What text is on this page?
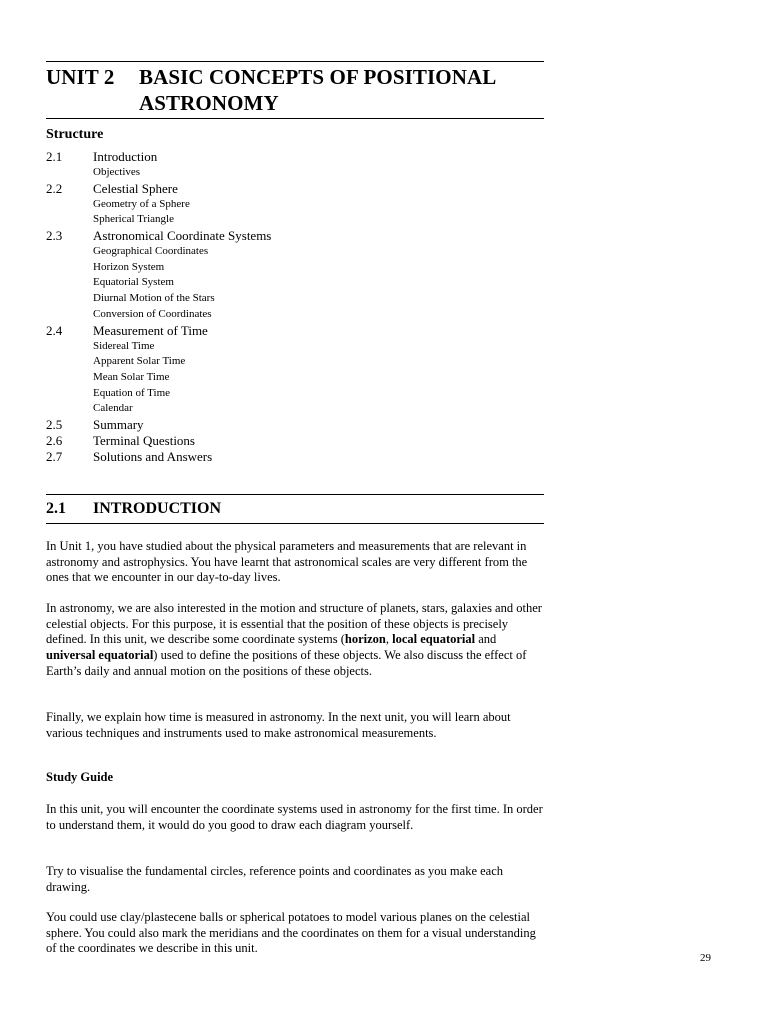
UNIT 2 BASIC CONCEPTS OF POSITIONAL
ASTRONOMY
Structure
2.1 Introduction
Objectives
2.2 Celestial Sphere
Geometry of a Sphere
Spherical Triangle
2.3 Astronomical Coordinate Systems
Geographical Coordinates
Horizon System
Equatorial System
Diurnal Motion of the Stars
Conversion of Coordinates
2.4 Measurement of Time
Sidereal Time
Apparent Solar Time
Mean Solar Time
Equation of Time
Calendar
2.5 Summary
2.6 Terminal Questions
2.7 Solutions and Answers
2.1 INTRODUCTION

In Unit 1, you have studied about the physical parameters and measurements that are relevant in astronomy and astrophysics. You have learnt that astronomical scales are very different from the ones that we encounter in our day-to-day lives.

In astronomy, we are also interested in the motion and structure of planets, stars, galaxies and other celestial objects. For this purpose, it is essential that the position of these objects is precisely defined. In this unit, we describe some coordinate systems (horizon, local equatorial and universal equatorial) used to define the positions of these objects. We also discuss the effect of Earth’s daily and annual motion on the positions of these objects.

Finally, we explain how time is measured in astronomy. In the next unit, you will learn about various techniques and instruments used to make astronomical measurements.

Study Guide

In this unit, you will encounter the coordinate systems used in astronomy for the first time. In order to understand them, it would do you good to draw each diagram yourself.

Try to visualise the fundamental circles, reference points and coordinates as you make each drawing.

You could use clay/plastecene balls or spherical potatoes to model various planes on the celestial sphere. You could also mark the meridians and the coordinates on them for a visual understanding of the coordinates we describe in this unit.

29
